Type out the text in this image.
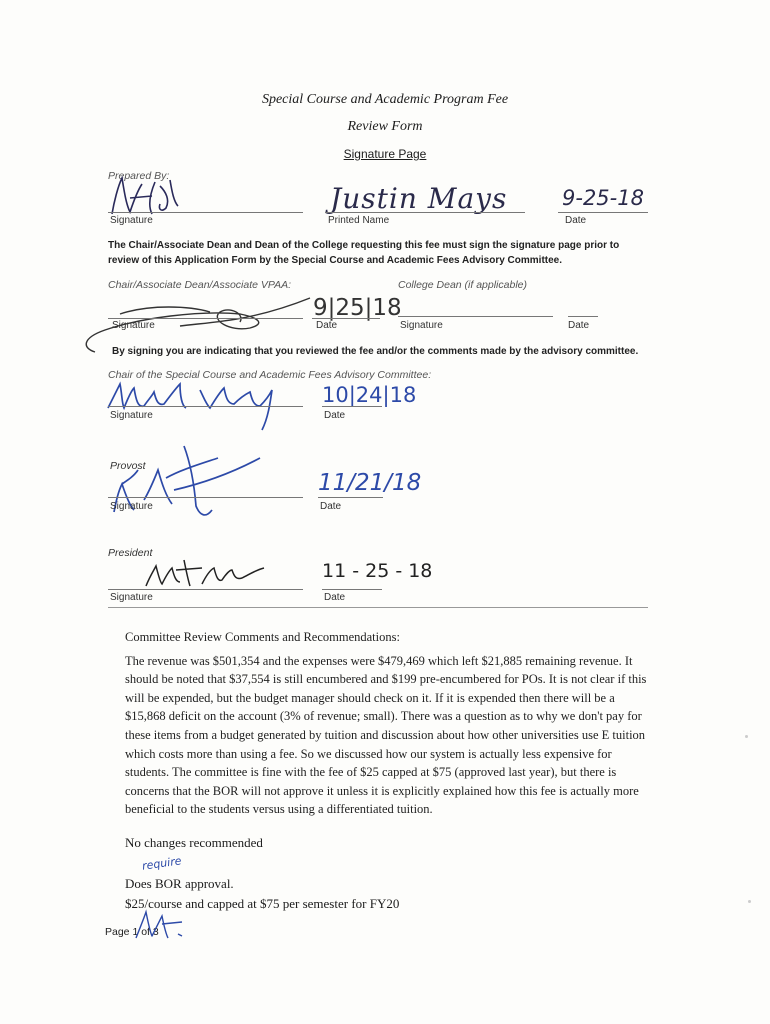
Special Course and Academic Program Fee
Review Form
Signature Page
Prepared By:
Signature
Justin Mays
Printed Name
9-25-18
Date
The Chair/Associate Dean and Dean of the College requesting this fee must sign the signature page prior to review of this Application Form by the Special Course and Academic Fees Advisory Committee.
Chair/Associate Dean/Associate VPAA:	College Dean (if applicable)
Signature
9|25|18
Date	Signature	Date
By signing you are indicating that you reviewed the fee and/or the comments made by the advisory committee.
Chair of the Special Course and Academic Fees Advisory Committee:
Signature
10|24|18
Date
Provost
Signature
11/21/18
Date
President
Signature
11 - 25 - 18
Date

Committee Review Comments and Recommendations:

The revenue was $501,354 and the expenses were $479,469 which left $21,885 remaining revenue. It should be noted that $37,554 is still encumbered and $199 pre-encumbered for POs. It is not clear if this will be expended, but the budget manager should check on it. If it is expended then there will be a $15,868 deficit on the account (3% of revenue; small). There was a question as to why we don't pay for these items from a budget generated by tuition and discussion about how other universities use E tuition which costs more than using a fee. So we discussed how our system is actually less expensive for students. The committee is fine with the fee of $25 capped at $75 (approved last year), but there is concerns that the BOR will not approve it unless it is explicitly explained how this fee is actually more beneficial to the students versus using a differentiated tuition.

No changes recommended
require
Does BOR approval.
$25/course and capped at $75 per semester for FY20
Page 1 of 3
